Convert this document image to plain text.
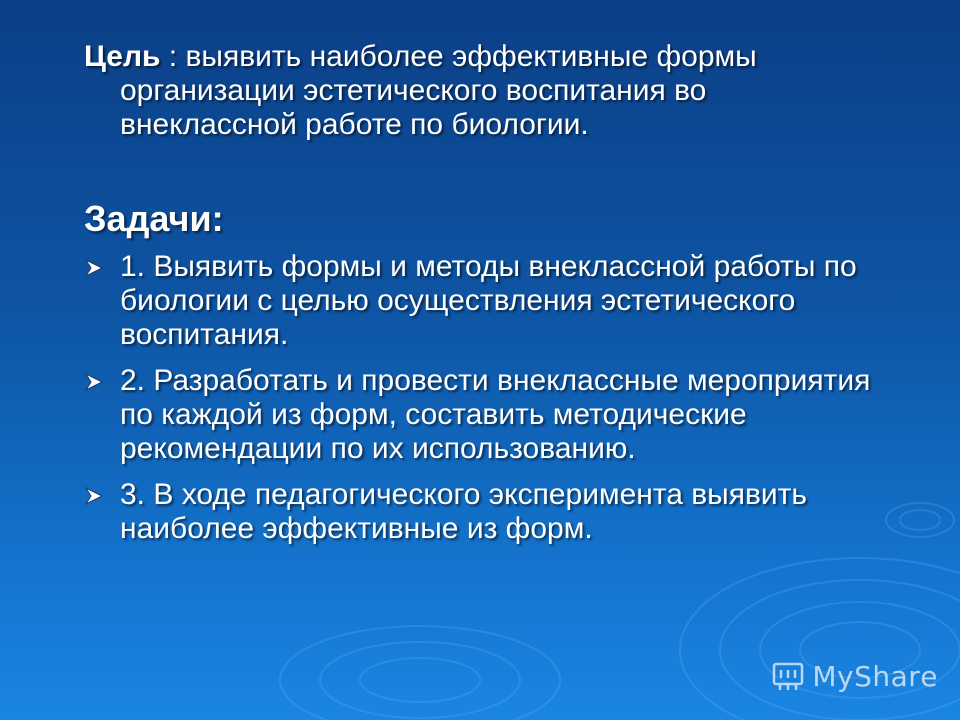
Цель : выявить наиболее эффективные формы организации эстетического воспитания во внеклассной работе по биологии.

Задачи:
1. Выявить формы и методы внеклассной работы по биологии с целью осуществления эстетического воспитания.
2. Разработать и провести внеклассные мероприятия по каждой из форм, составить методические рекомендации по их использованию.
3. В ходе педагогического эксперимента выявить наиболее эффективные из форм.
MySharе
